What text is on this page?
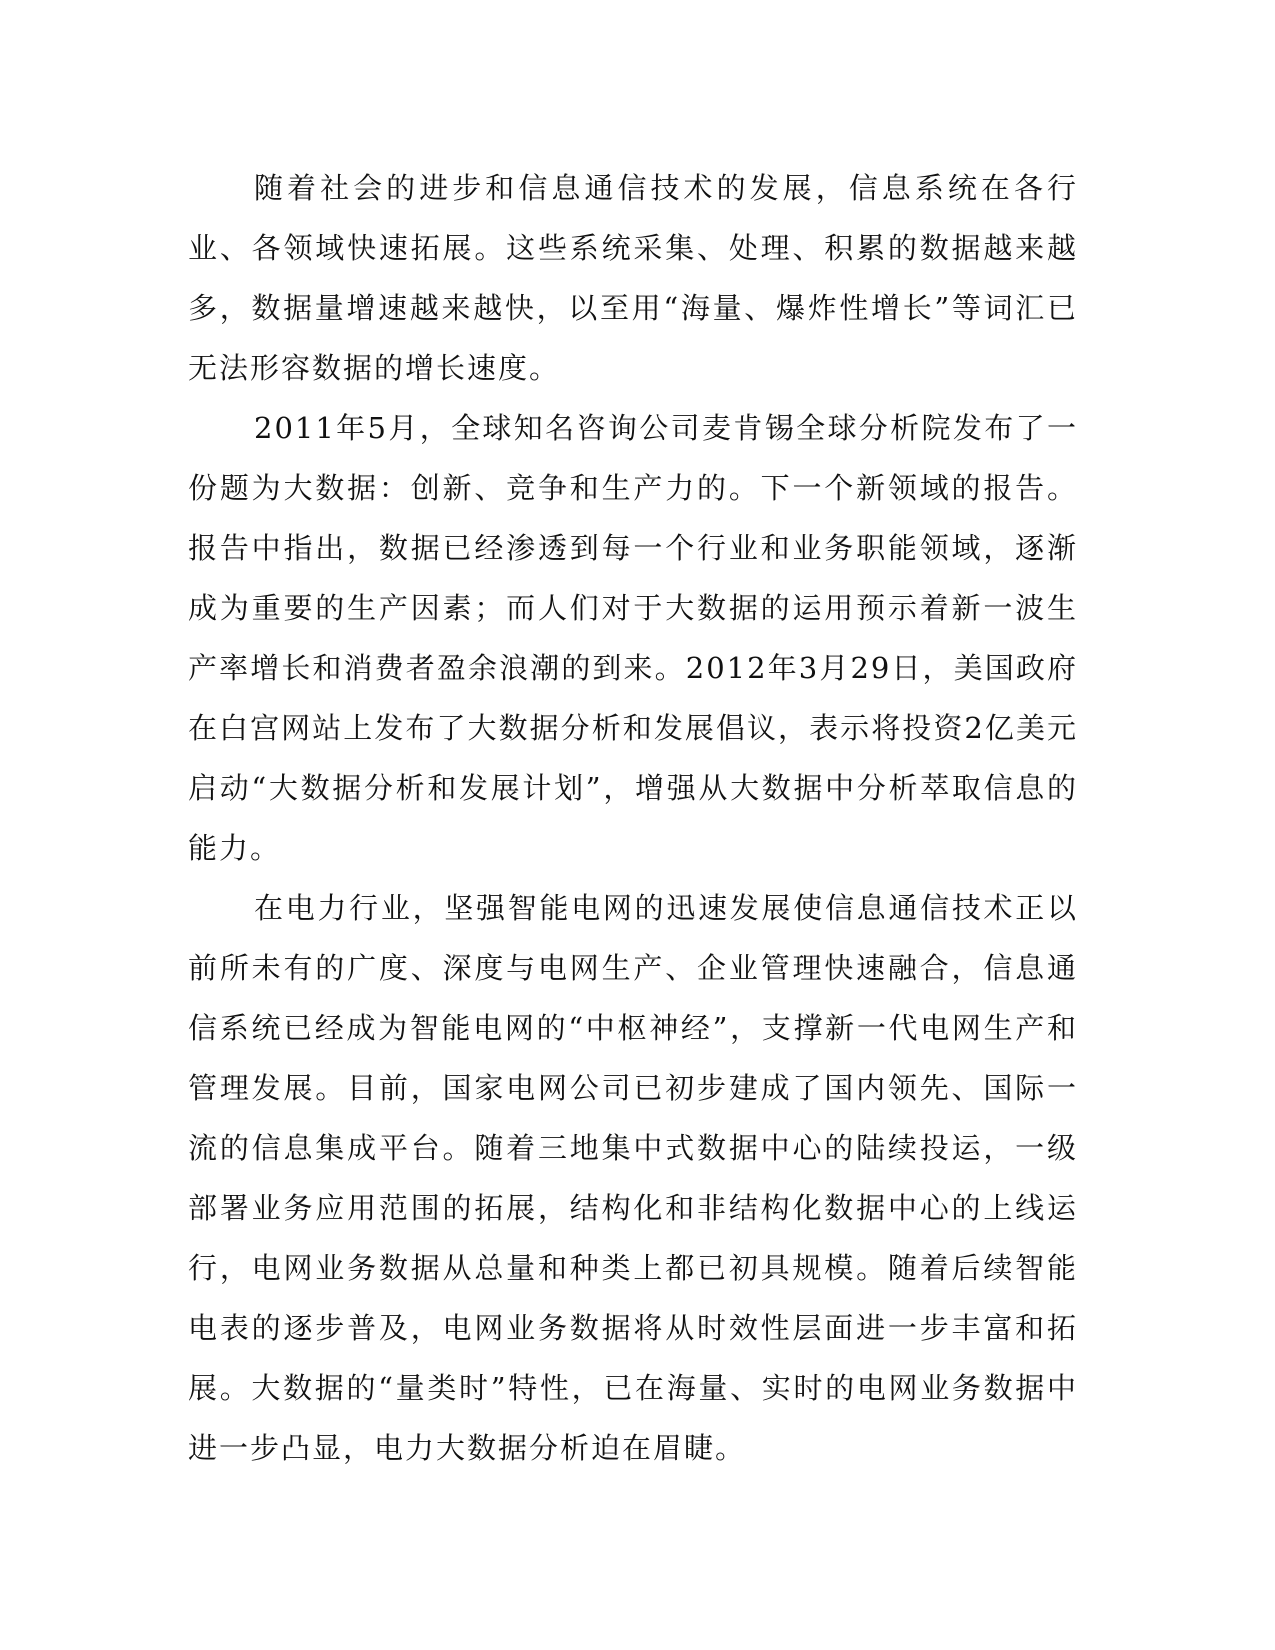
随着社会的进步和信息通信技术的发展，信息系统在各行业、各领域快速拓展。这些系统采集、处理、积累的数据越来越多，数据量增速越来越快，以至用“海量、爆炸性增长”等词汇已无法形容数据的增长速度。

2011年5月，全球知名咨询公司麦肯锡全球分析院发布了一份题为大数据：创新、竞争和生产力的。下一个新领域的报告。报告中指出，数据已经渗透到每一个行业和业务职能领域，逐渐成为重要的生产因素；而人们对于大数据的运用预示着新一波生产率增长和消费者盈余浪潮的到来。2012年3月29日，美国政府在白宫网站上发布了大数据分析和发展倡议，表示将投资2亿美元启动“大数据分析和发展计划”，增强从大数据中分析萃取信息的能力。

在电力行业，坚强智能电网的迅速发展使信息通信技术正以前所未有的广度、深度与电网生产、企业管理快速融合，信息通信系统已经成为智能电网的“中枢神经”，支撑新一代电网生产和管理发展。目前，国家电网公司已初步建成了国内领先、国际一流的信息集成平台。随着三地集中式数据中心的陆续投运，一级部署业务应用范围的拓展，结构化和非结构化数据中心的上线运行，电网业务数据从总量和种类上都已初具规模。随着后续智能电表的逐步普及，电网业务数据将从时效性层面进一步丰富和拓展。大数据的“量类时”特性，已在海量、实时的电网业务数据中进一步凸显，电力大数据分析迫在眉睫。
